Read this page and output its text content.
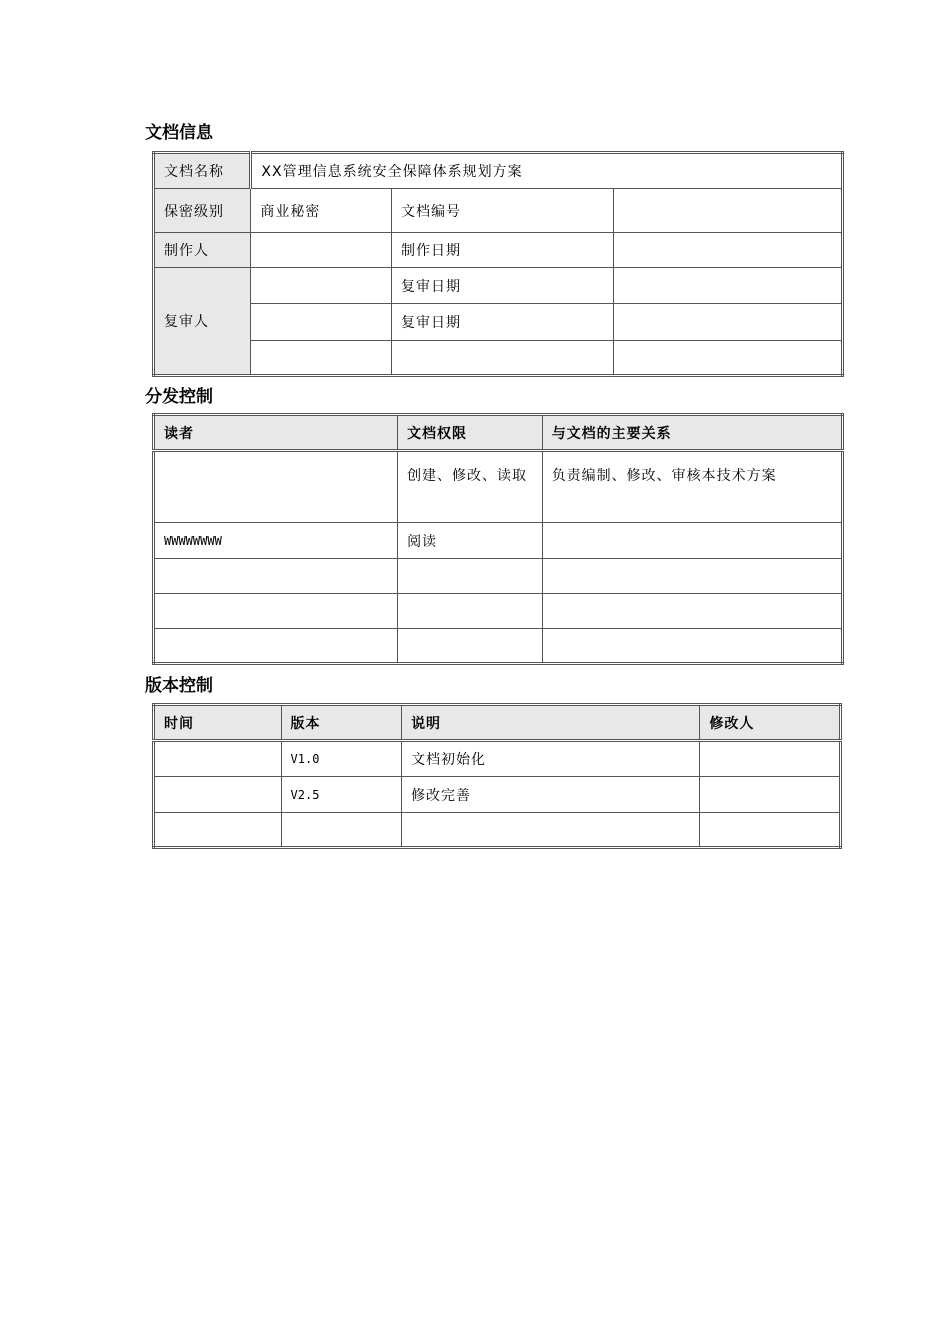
文档信息
文档名称	XX管理信息系统安全保障体系规划方案		
保密级别	商业秘密	文档编号	
制作人		制作日期	
复审人		复审日期	
		复审日期	

分发控制
读者	文档权限	与文档的主要关系
	创建、修改、读取	负责编制、修改、审核本技术方案
WWWWWWWW	阅读	

版本控制
时间	版本	说明	修改人
	V1.0	文档初始化	
	V2.5	修改完善	
